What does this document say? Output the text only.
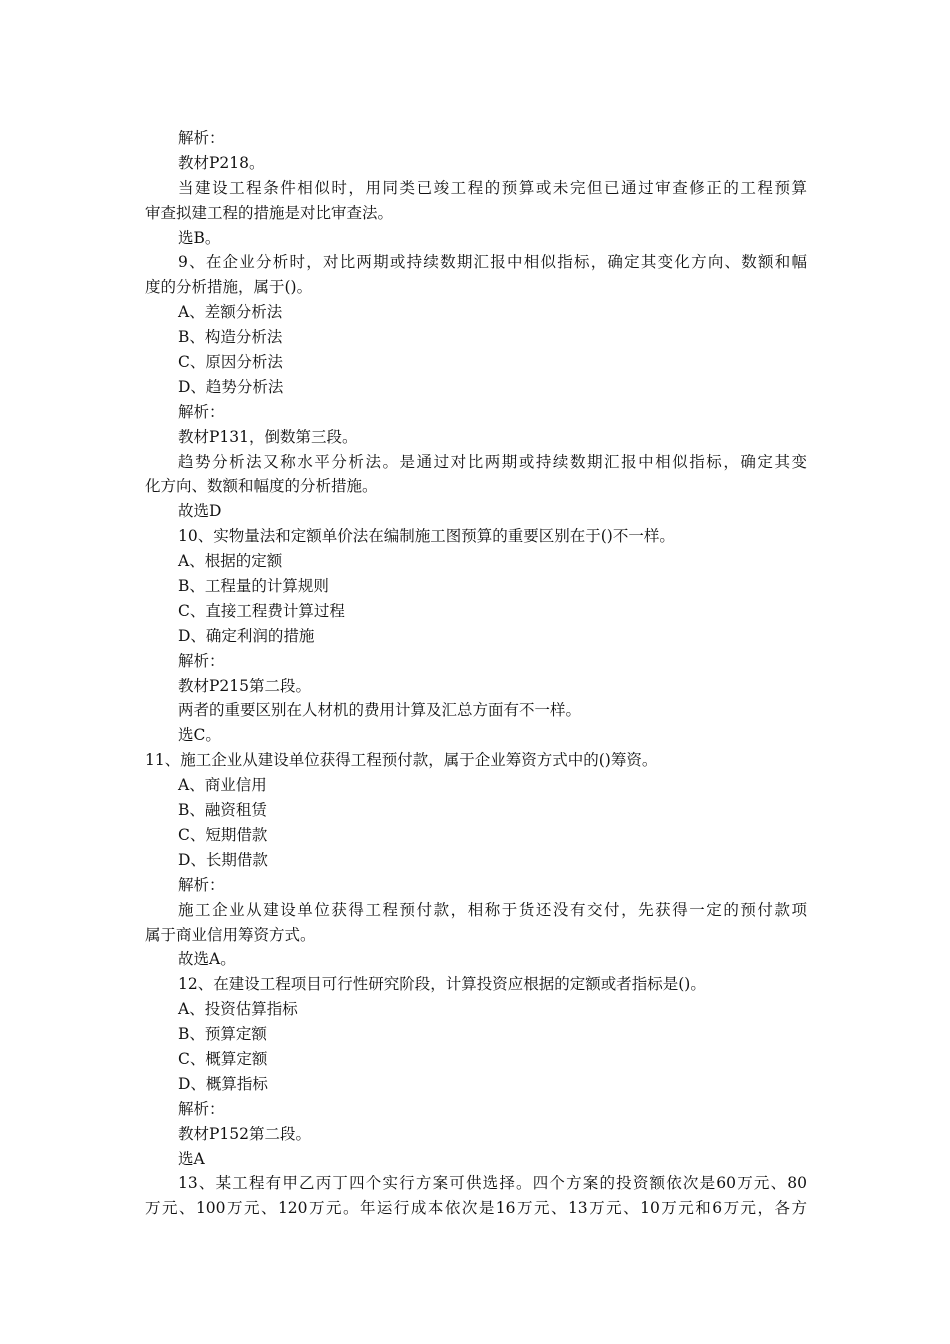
解析：

教材P218。

当建设工程条件相似时，用同类已竣工程的预算或未完但已通过审查修正的工程预算

审查拟建工程的措施是对比审查法。

选B。

9、在企业分析时，对比两期或持续数期汇报中相似指标，确定其变化方向、数额和幅

度的分析措施，属于()。

A、差额分析法

B、构造分析法

C、原因分析法

D、趋势分析法

解析：

教材P131，倒数第三段。

趋势分析法又称水平分析法。是通过对比两期或持续数期汇报中相似指标，确定其变

化方向、数额和幅度的分析措施。

故选D

10、实物量法和定额单价法在编制施工图预算的重要区别在于()不一样。

A、根据的定额

B、工程量的计算规则

C、直接工程费计算过程

D、确定利润的措施

解析：

教材P215第二段。

两者的重要区别在人材机的费用计算及汇总方面有不一样。

选C。

11、施工企业从建设单位获得工程预付款，属于企业筹资方式中的()筹资。

A、商业信用

B、融资租赁

C、短期借款

D、长期借款

解析：

施工企业从建设单位获得工程预付款，相称于货还没有交付，先获得一定的预付款项

属于商业信用筹资方式。

故选A。

12、在建设工程项目可行性研究阶段，计算投资应根据的定额或者指标是()。

A、投资估算指标

B、预算定额

C、概算定额

D、概算指标

解析：

教材P152第二段。

选A

13、某工程有甲乙丙丁四个实行方案可供选择。四个方案的投资额依次是60万元、80

万元、100万元、120万元。年运行成本依次是16万元、13万元、10万元和6万元，各方
